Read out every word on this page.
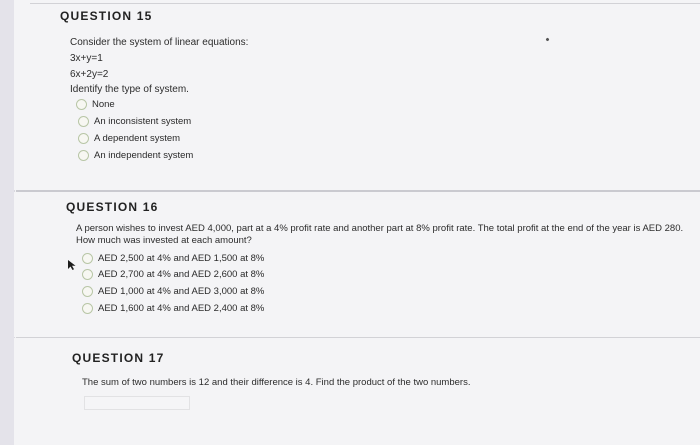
QUESTION 15
Consider the system of linear equations:
3x+y=1
6x+2y=2
Identify the type of system.
None
An inconsistent system
A dependent system
An independent system
QUESTION 16
A person wishes to invest AED 4,000, part at a 4% profit rate and another part at 8% profit rate. The total profit at the end of the year is AED 280.
How much was invested at each amount?
AED 2,500 at 4% and AED 1,500 at 8%
AED 2,700 at 4% and AED 2,600 at 8%
AED 1,000 at 4% and AED 3,000 at 8%
AED 1,600 at 4% and AED 2,400 at 8%
QUESTION 17
The sum of two numbers is 12 and their difference is 4. Find the product of the two numbers.
